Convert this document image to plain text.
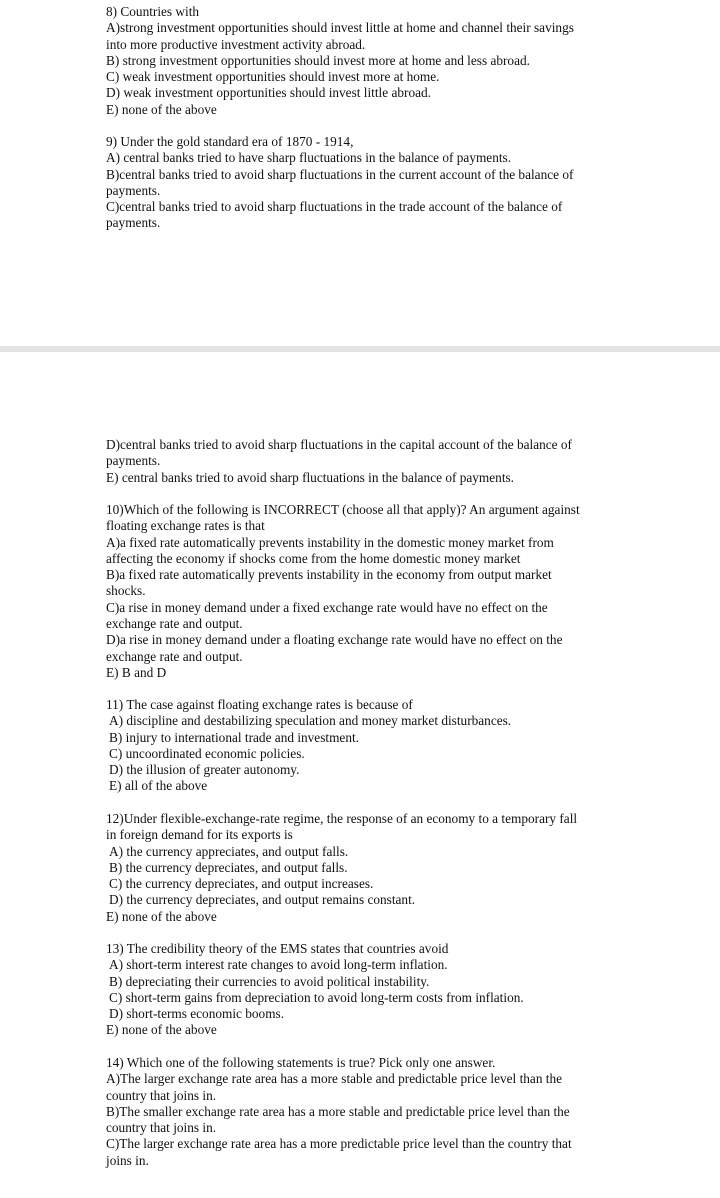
8) Countries with
A)strong investment opportunities should invest little at home and channel their savings
into more productive investment activity abroad.
B) strong investment opportunities should invest more at home and less abroad.
C) weak investment opportunities should invest more at home.
D) weak investment opportunities should invest little abroad.
E) none of the above
9) Under the gold standard era of 1870 - 1914,
A) central banks tried to have sharp fluctuations in the balance of payments.
B)central banks tried to avoid sharp fluctuations in the current account of the balance of
payments.
C)central banks tried to avoid sharp fluctuations in the trade account of the balance of
payments.
D)central banks tried to avoid sharp fluctuations in the capital account of the balance of
payments.
E) central banks tried to avoid sharp fluctuations in the balance of payments.
10)Which of the following is INCORRECT (choose all that apply)? An argument against
floating exchange rates is that
A)a fixed rate automatically prevents instability in the domestic money market from
affecting the economy if shocks come from the home domestic money market
B)a fixed rate automatically prevents instability in the economy from output market
shocks.
C)a rise in money demand under a fixed exchange rate would have no effect on the
exchange rate and output.
D)a rise in money demand under a floating exchange rate would have no effect on the
exchange rate and output.
E) B and D
11) The case against floating exchange rates is because of
A) discipline and destabilizing speculation and money market disturbances.
B) injury to international trade and investment.
C) uncoordinated economic policies.
D) the illusion of greater autonomy.
E) all of the above
12)Under flexible-exchange-rate regime, the response of an economy to a temporary fall
in foreign demand for its exports is
A) the currency appreciates, and output falls.
B) the currency depreciates, and output falls.
C) the currency depreciates, and output increases.
D) the currency depreciates, and output remains constant.
E) none of the above
13) The credibility theory of the EMS states that countries avoid
A) short-term interest rate changes to avoid long-term inflation.
B) depreciating their currencies to avoid political instability.
C) short-term gains from depreciation to avoid long-term costs from inflation.
D) short-terms economic booms.
E) none of the above
14) Which one of the following statements is true? Pick only one answer.
A)The larger exchange rate area has a more stable and predictable price level than the
country that joins in.
B)The smaller exchange rate area has a more stable and predictable price level than the
country that joins in.
C)The larger exchange rate area has a more predictable price level than the country that
joins in.
